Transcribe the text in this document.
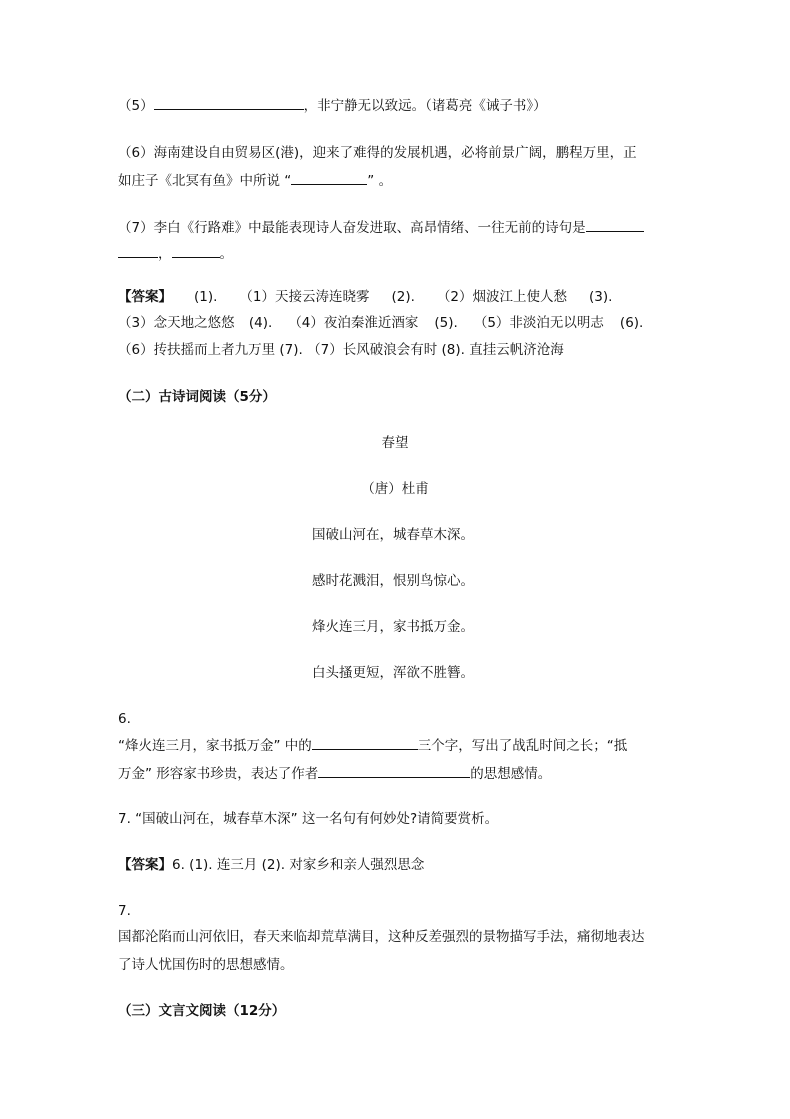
（5）	，非宁静无以致远。（诸葛亮《诫子书》）
（6）海南建设自由贸易区(港)，迎来了难得的发展机遇，必将前景广阔，鹏程万里，正
如庄子《北冥有鱼》中所说 “	” 。
（7）李白《行路难》中最能表现诗人奋发进取、高昂情绪、一往无前的诗句是
，	。
【答案】 (1). （1）天接云涛连晓雾 (2). （2）烟波江上使人愁 (3).
（3）念天地之悠悠 (4). （4）夜泊秦淮近酒家 (5). （5）非淡泊无以明志 (6).
（6）抟扶摇而上者九万里 (7). （7）长风破浪会有时 (8). 直挂云帆济沧海
（二）古诗词阅读（5分）
春望
（唐）杜甫
国破山河在，城春草木深。
感时花溅泪，恨别鸟惊心。
烽火连三月，家书抵万金。
白头搔更短，浑欲不胜簪。
6.
“烽火连三月，家书抵万金” 中的	三个字，写出了战乱时间之长；“抵
万金” 形容家书珍贵，表达了作者	的思想感情。
7. “国破山河在，城春草木深” 这一名句有何妙处?请简要赏析。
【答案】6. (1). 连三月 (2). 对家乡和亲人强烈思念
7.
国都沦陷而山河依旧，春天来临却荒草满目，这种反差强烈的景物描写手法，痛彻地表达
了诗人忧国伤时的思想感情。
（三）文言文阅读（12分）
